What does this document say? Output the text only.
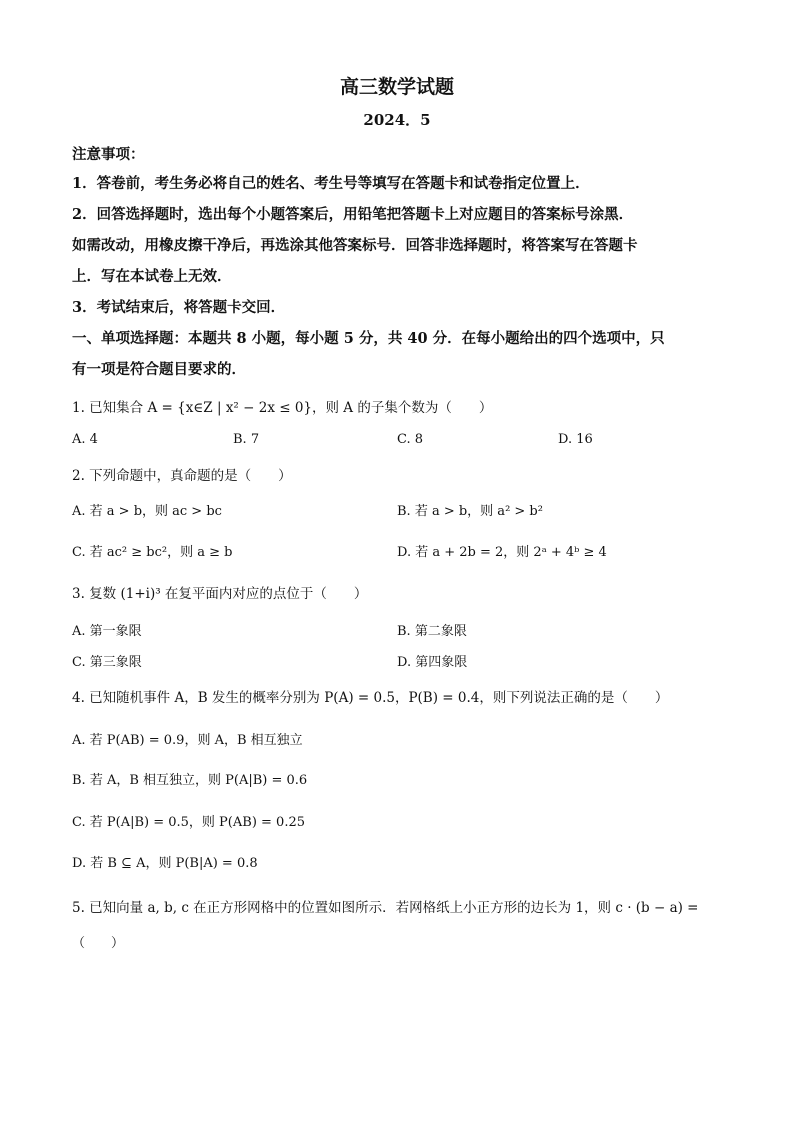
高三数学试题
2024．5
注意事项：
1．答卷前，考生务必将自己的姓名、考生号等填写在答题卡和试卷指定位置上．
2．回答选择题时，选出每个小题答案后，用铅笔把答题卡上对应题目的答案标号涂黑．
如需改动，用橡皮擦干净后，再选涂其他答案标号．回答非选择题时，将答案写在答题卡
上．写在本试卷上无效．
3．考试结束后，将答题卡交回．
一、单项选择题：本题共 8 小题，每小题 5 分，共 40 分．在每小题给出的四个选项中，只
有一项是符合题目要求的．
1. 已知集合 A = {x∈Z | x² − 2x ≤ 0}，则 A 的子集个数为（　　）
A. 4	B. 7	C. 8	D. 16
2. 下列命题中，真命题的是（　　）
A. 若 a > b，则 ac > bc	B. 若 a > b，则 a² > b²
C. 若 ac² ≥ bc²，则 a ≥ b	D. 若 a + 2b = 2，则 2ᵃ + 4ᵇ ≥ 4
3. 复数 (1+i)³ 在复平面内对应的点位于（　　）
A. 第一象限	B. 第二象限
C. 第三象限	D. 第四象限
4. 已知随机事件 A，B 发生的概率分别为 P(A) = 0.5，P(B) = 0.4，则下列说法正确的是（　　）
A. 若 P(AB) = 0.9，则 A，B 相互独立
B. 若 A，B 相互独立，则 P(A|B) = 0.6
C. 若 P(A|B) = 0.5，则 P(AB) = 0.25
D. 若 B ⊆ A，则 P(B|A) = 0.8
5. 已知向量 a, b, c 在正方形网格中的位置如图所示．若网格纸上小正方形的边长为 1，则 c · (b − a) =
（　　）
